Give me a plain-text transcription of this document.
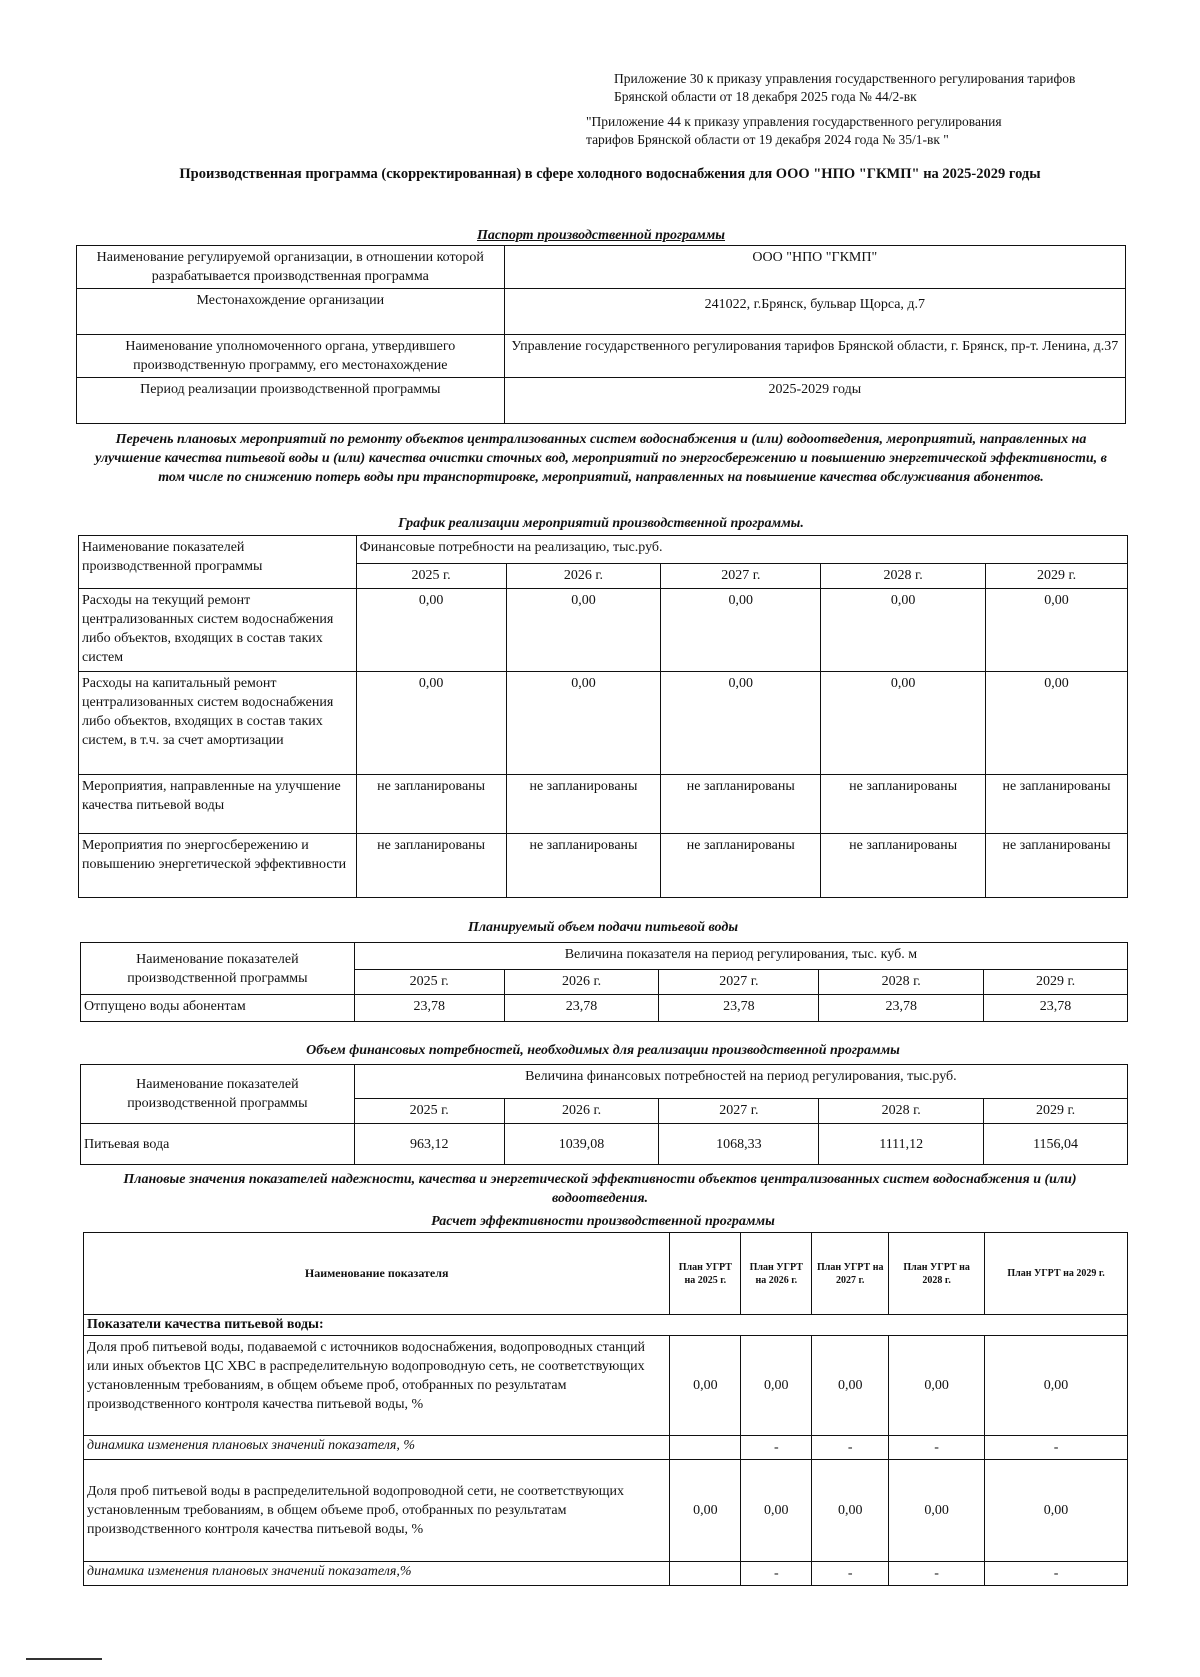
Приложение 30 к приказу управления государственного регулирования тарифов
Брянской области от 18 декабря 2025 года № 44/2-вк
"Приложение 44 к приказу управления государственного регулирования
тарифов Брянской области от 19 декабря 2024 года № 35/1-вк "
Производственная программа (скорректированная) в сфере холодного водоснабжения для ООО "НПО "ГКМП" на 2025-2029 годы
Паспорт производственной программы
Наименование регулируемой организации, в отношении которой разрабатывается производственная программа	ООО "НПО "ГКМП"
Местонахождение организации	241022, г.Брянск, бульвар Щорса, д.7
Наименование уполномоченного органа, утвердившего производственную программу, его местонахождение	Управление государственного регулирования тарифов Брянской области, г. Брянск, пр-т. Ленина, д.37
Период реализации производственной программы	2025-2029 годы
Перечень плановых мероприятий по ремонту объектов централизованных систем водоснабжения и (или) водоотведения, мероприятий, направленных на улучшение качества питьевой воды и (или) качества очистки сточных вод, мероприятий по энергосбережению и повышению энергетической эффективности, в том числе по снижению потерь воды при транспортировке, мероприятий, направленных на повышение качества обслуживания абонентов.
График реализации мероприятий производственной программы.
Наименование показателей производственной программы	Финансовые потребности на реализацию, тыс.руб.				
	2025 г.	2026 г.	2027 г.	2028 г.	2029 г.
Расходы на текущий ремонт централизованных систем водоснабжения либо объектов, входящих в состав таких систем	0,00	0,00	0,00	0,00	0,00
Расходы на капитальный ремонт централизованных систем водоснабжения либо объектов, входящих в состав таких систем, в т.ч. за счет амортизации	0,00	0,00	0,00	0,00	0,00
Мероприятия, направленные на улучшение качества питьевой воды	не запланированы	не запланированы	не запланированы	не запланированы	не запланированы
Мероприятия по энергосбережению и повышению энергетической эффективности	не запланированы	не запланированы	не запланированы	не запланированы	не запланированы
Планируемый объем подачи питьевой воды
Наименование показателей производственной программы	Величина показателя на период регулирования, тыс. куб. м				
	2025 г.	2026 г.	2027 г.	2028 г.	2029 г.
Отпущено воды абонентам	23,78	23,78	23,78	23,78	23,78
Объем финансовых потребностей, необходимых для реализации производственной программы
Наименование показателей производственной программы	Величина финансовых потребностей на период регулирования, тыс.руб.				
	2025 г.	2026 г.	2027 г.	2028 г.	2029 г.
Питьевая вода	963,12	1039,08	1068,33	1111,12	1156,04
Плановые значения показателей надежности, качества и энергетической эффективности объектов централизованных систем водоснабжения и (или) водоотведения.
Расчет эффективности производственной программы
Наименование показателя	План УГРТ на 2025 г.	План УГРТ на 2026 г.	План УГРТ на 2027 г.	План УГРТ на 2028 г.	План УГРТ на 2029 г.
Показатели качества питьевой воды:					
Доля проб питьевой воды, подаваемой с источников водоснабжения, водопроводных станций или иных объектов ЦС ХВС в распределительную водопроводную сеть, не соответствующих установленным требованиям, в общем объеме проб, отобранных по результатам производственного контроля качества питьевой воды, %	0,00	0,00	0,00	0,00	0,00
динамика изменения плановых значений показателя, %		-	-	-	-
Доля проб питьевой воды в распределительной водопроводной сети, не соответствующих установленным требованиям, в общем объеме проб, отобранных по результатам производственного контроля качества питьевой воды, %	0,00	0,00	0,00	0,00	0,00
динамика изменения плановых значений показателя,%		-	-	-	-
